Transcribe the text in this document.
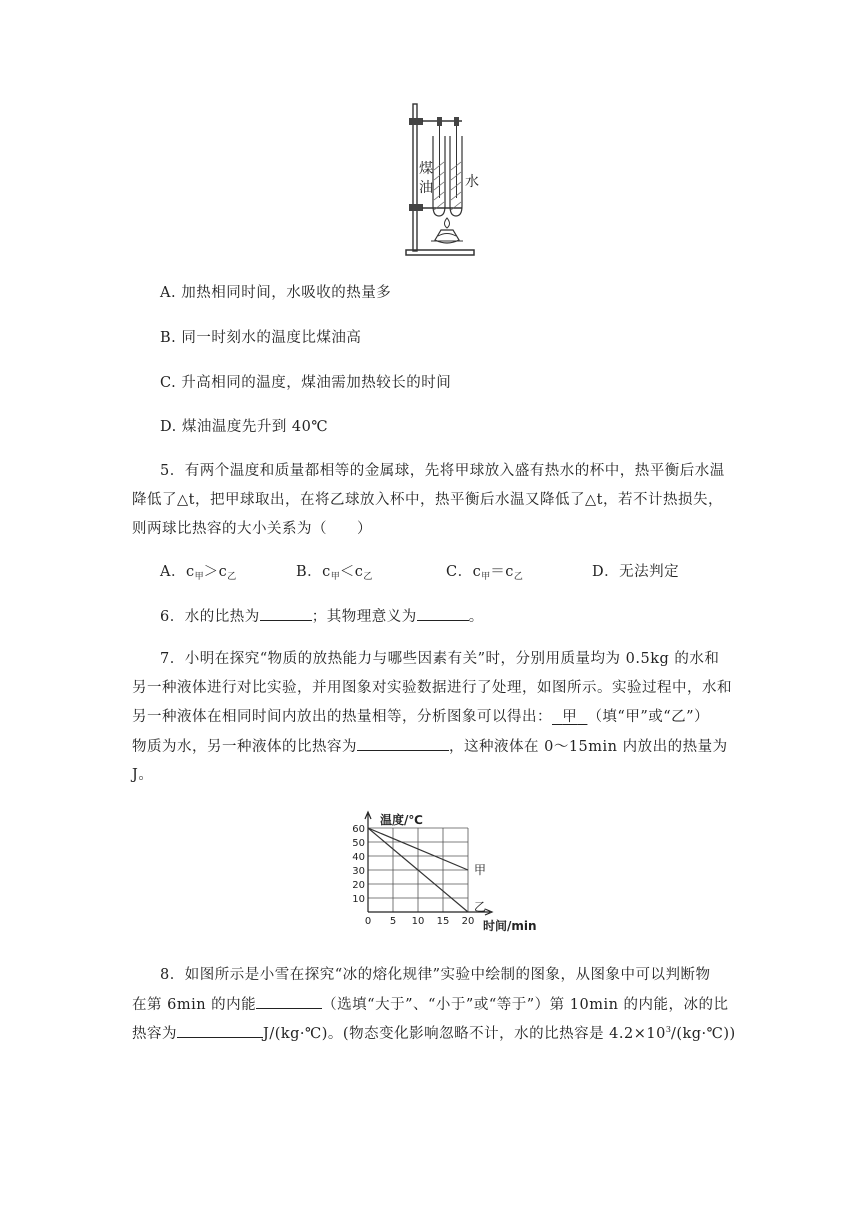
煤
油 水
A. 加热相同时间，水吸收的热量多
B. 同一时刻水的温度比煤油高
C. 升高相同的温度，煤油需加热较长的时间
D. 煤油温度先升到 40℃
5．有两个温度和质量都相等的金属球，先将甲球放入盛有热水的杯中，热平衡后水温
降低了△t，把甲球取出，在将乙球放入杯中，热平衡后水温又降低了△t，若不计热损失，
则两球比热容的大小关系为（　　）
A．$c_甲>c_乙$	B．$c_甲<c_乙$	C．$c_甲=c_乙$	D．无法判定
6．水的比热为	；其物理意义为	。
7．小明在探究“物质的放热能力与哪些因素有关”时，分别用质量均为 0.5kg 的水和
另一种液体进行对比实验，并用图象对实验数据进行了处理，如图所示。实验过程中，水和
另一种液体在相同时间内放出的热量相等，分析图象可以得出： 甲 （填“甲”或“乙”）
物质为水，另一种液体的比热容为	，这种液体在 0～15min 内放出的热量为
J。
0 5 10 15 20
10
20
30
40
50
60
温度/℃
时间/min
甲
乙
8．如图所示是小雪在探究“冰的熔化规律”实验中绘制的图象，从图象中可以判断物
在第 6min 的内能	（选填“大于”、“小于”或“等于”）第 10min 的内能，冰的比
热容为	J/(kg·℃)。(物态变化影响忽略不计，水的比热容是 $4.2\times 10^3/(kg\cdot℃)$)
